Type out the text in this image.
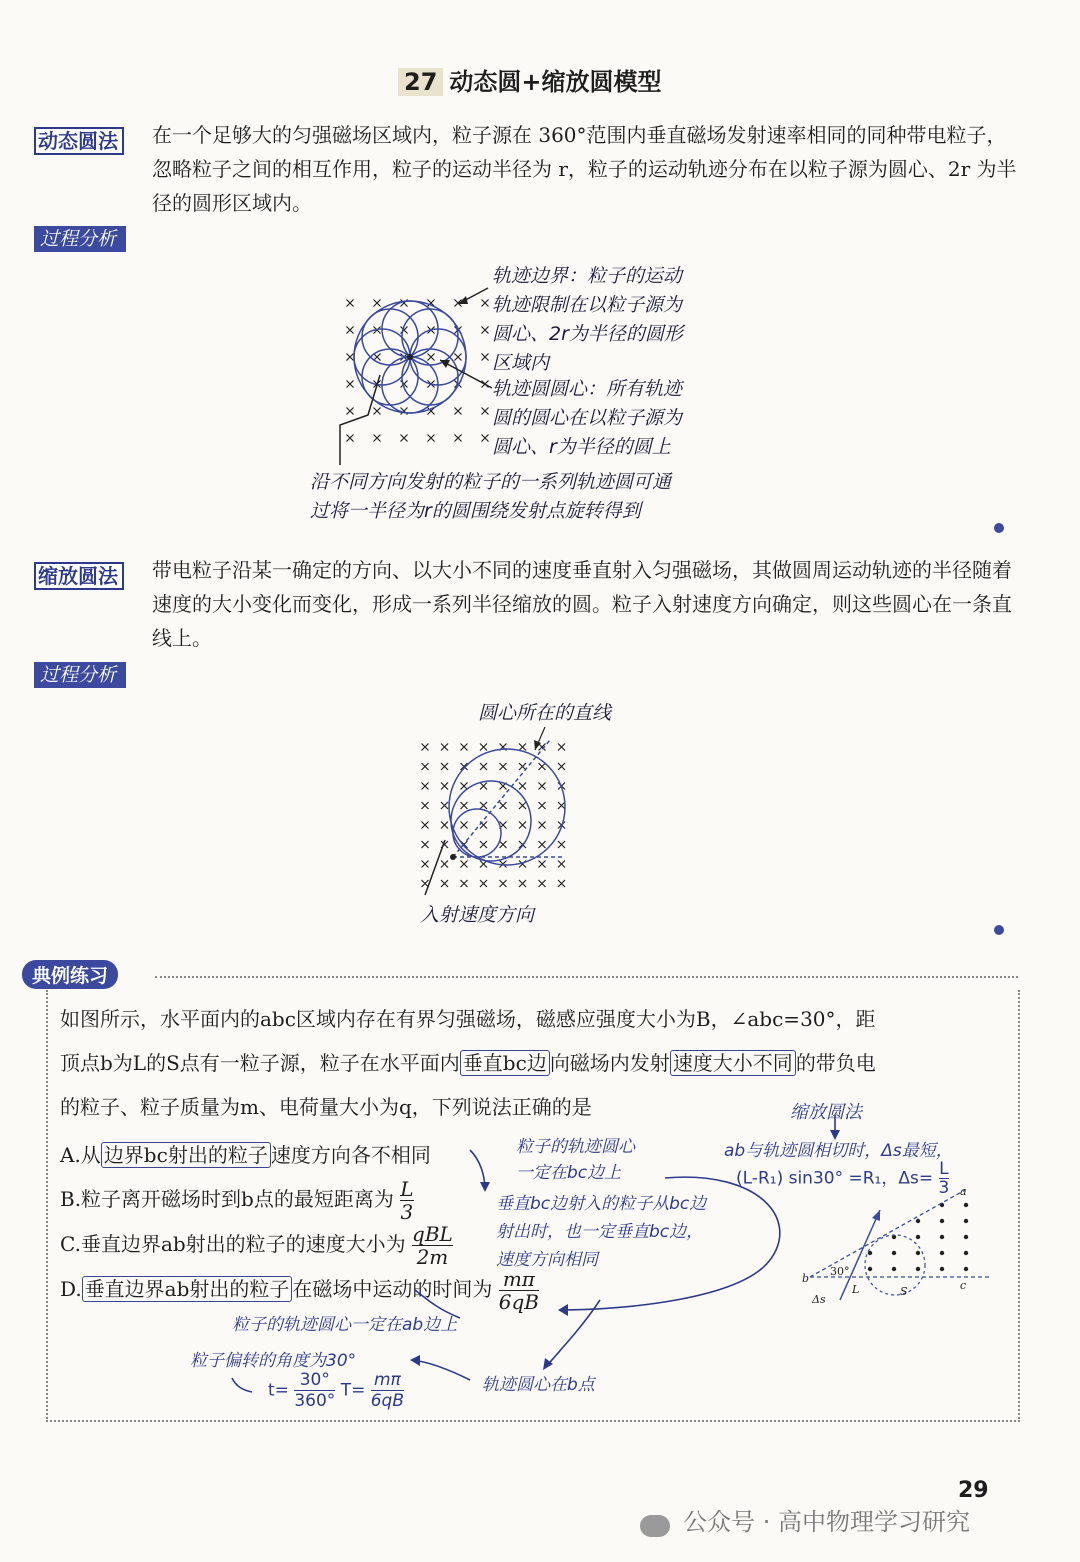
27 动态圆+缩放圆模型
动态圆法	在一个足够大的匀强磁场区域内，粒子源在 360°范围内垂直磁场发射速率相同的同种带电粒子，忽略粒子之间的相互作用，粒子的运动半径为 r，粒子的运动轨迹分布在以粒子源为圆心、2r 为半径的圆形区域内。
过程分析
轨迹边界：粒子的运动
轨迹限制在以粒子源为
圆心、2r为半径的圆形
区域内
轨迹圆圆心：所有轨迹
圆的圆心在以粒子源为
圆心、r为半径的圆上
沿不同方向发射的粒子的一系列轨迹圆可通
过将一半径为r的圆围绕发射点旋转得到
缩放圆法	带电粒子沿某一确定的方向、以大小不同的速度垂直射入匀强磁场，其做圆周运动轨迹的半径随着速度的大小变化而变化，形成一系列半径缩放的圆。粒子入射速度方向确定，则这些圆心在一条直线上。
过程分析
圆心所在的直线
入射速度方向
典例练习
如图所示，水平面内的abc区域内存在有界匀强磁场，磁感应强度大小为B，∠abc=30°，距
顶点b为L的S点有一粒子源，粒子在水平面内 垂直bc边 向磁场内发射 速度大小不同 的带负电
的粒子、粒子质量为m、电荷量大小为q，下列说法正确的是
A.从 边界bc射出的粒子 速度方向各不相同
B.粒子离开磁场时到b点的最短距离为 $\frac{L}{3}$
C.垂直边界ab射出的粒子的速度大小为 qBL
2m
D. 垂直边界ab射出的粒子 在磁场中运动的时间为 $\frac{m\pi}{6qB}$
缩放圆法
粒子的轨迹圆心
一定在bc边上
垂直bc边射入的粒子从bc边
射出时，也一定垂直bc边，
速度方向相同
ab与轨迹圆相切时，Δs最短，
(L-R₁) sin30° =R₁，$\Delta s= \frac{L}{3}$
b
a
c
S
Δs
L
30°
粒子的轨迹圆心一定在ab边上
粒子偏转的角度为30°
$t= \frac{30^\circ}{360^\circ} T= \frac{m\pi}{6qB}$	轨迹圆心在b点
29
公众号 · 高中物理学习研究
